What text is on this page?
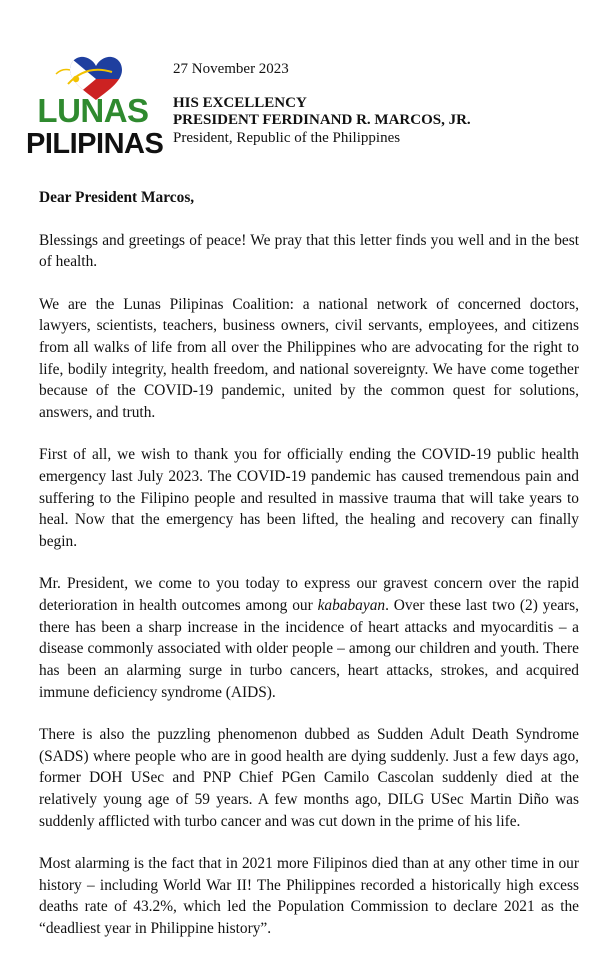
LUNAS
PILIPINAS
27 November 2023
HIS EXCELLENCY
PRESIDENT FERDINAND R. MARCOS, JR.
President, Republic of the Philippines
Dear President Marcos,

Blessings and greetings of peace! We pray that this letter finds you well and in the best of health.

We are the Lunas Pilipinas Coalition: a national network of concerned doctors, lawyers, scientists, teachers, business owners, civil servants, employees, and citizens from all walks of life from all over the Philippines who are advocating for the right to life, bodily integrity, health freedom, and national sovereignty. We have come together because of the COVID-19 pandemic, united by the common quest for solutions, answers, and truth.

First of all, we wish to thank you for officially ending the COVID-19 public health emergency last July 2023. The COVID-19 pandemic has caused tremendous pain and suffering to the Filipino people and resulted in massive trauma that will take years to heal. Now that the emergency has been lifted, the healing and recovery can finally begin.

Mr. President, we come to you today to express our gravest concern over the rapid deterioration in health outcomes among our kababayan. Over these last two (2) years, there has been a sharp increase in the incidence of heart attacks and myocarditis – a disease commonly associated with older people – among our children and youth. There has been an alarming surge in turbo cancers, heart attacks, strokes, and acquired immune deficiency syndrome (AIDS).

There is also the puzzling phenomenon dubbed as Sudden Adult Death Syndrome (SADS) where people who are in good health are dying suddenly. Just a few days ago, former DOH USec and PNP Chief PGen Camilo Cascolan suddenly died at the relatively young age of 59 years. A few months ago, DILG USec Martin Diño was suddenly afflicted with turbo cancer and was cut down in the prime of his life.

Most alarming is the fact that in 2021 more Filipinos died than at any other time in our history – including World War II! The Philippines recorded a historically high excess deaths rate of 43.2%, which led the Population Commission to declare 2021 as the “deadliest year in Philippine history”.
